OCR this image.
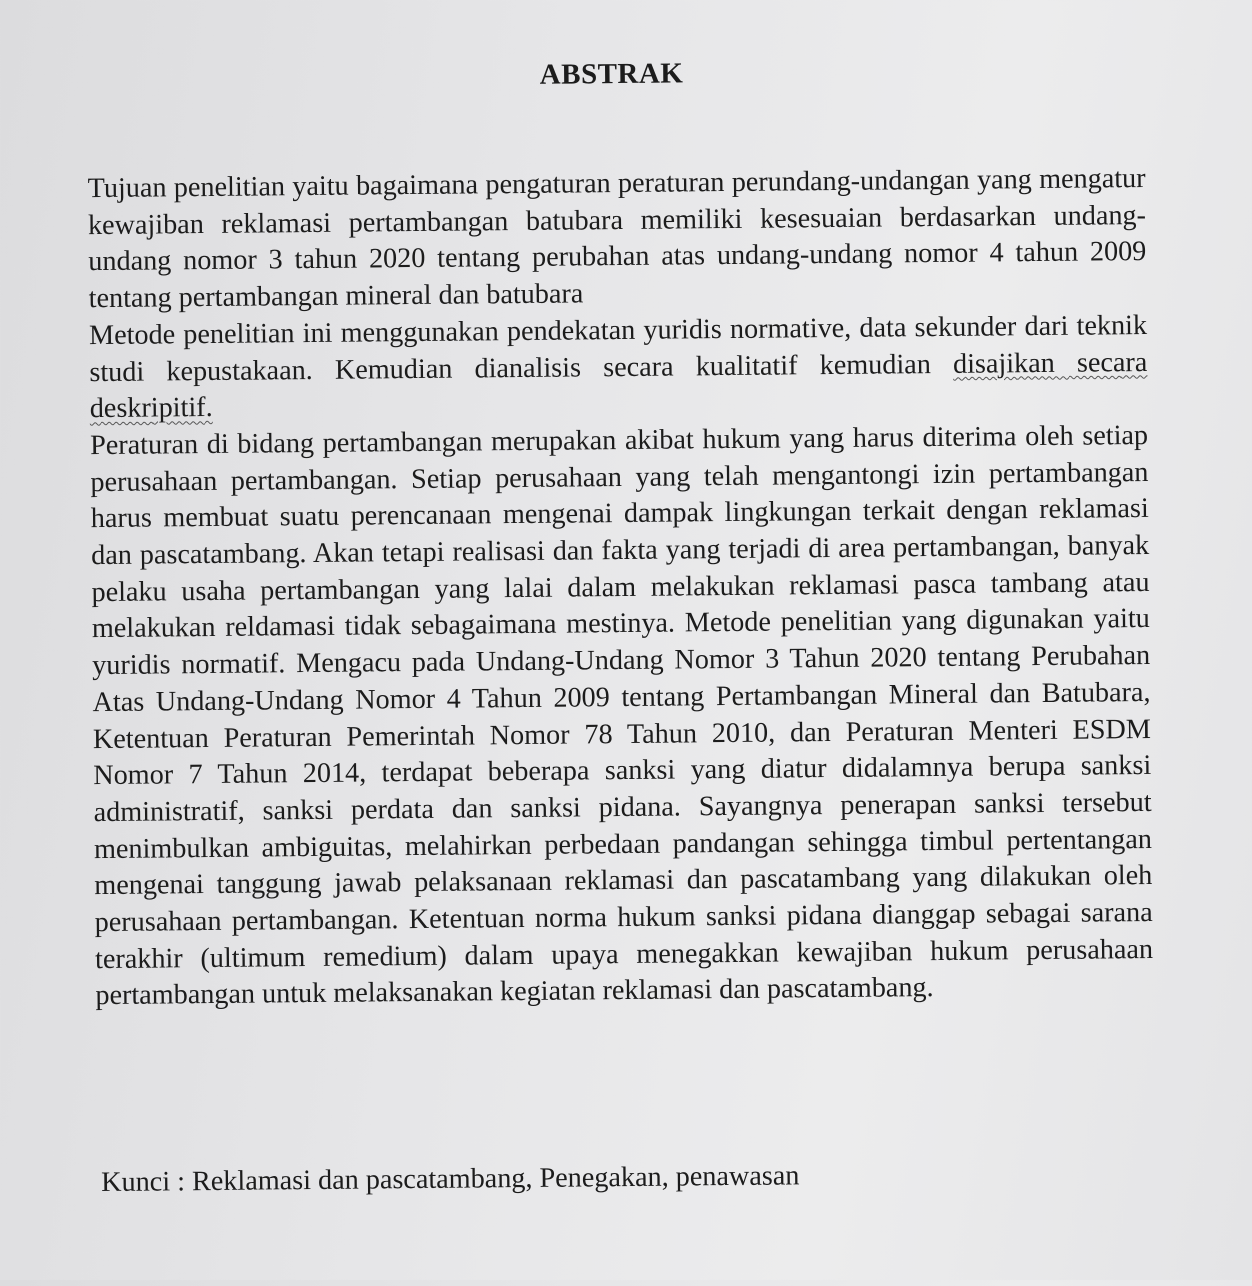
ABSTRAK

Tujuan penelitian yaitu bagaimana pengaturan peraturan perundang-undangan yang mengatur kewajiban reklamasi pertambangan batubara memiliki kesesuaian berdasarkan undang-undang nomor 3 tahun 2020 tentang perubahan atas undang-undang nomor 4 tahun 2009 tentang pertambangan mineral dan batubara

Metode penelitian ini menggunakan pendekatan yuridis normative, data sekunder dari teknik studi kepustakaan. Kemudian dianalisis secara kualitatif kemudian disajikan secara deskripitif.

Peraturan di bidang pertambangan merupakan akibat hukum yang harus diterima oleh setiap perusahaan pertambangan. Setiap perusahaan yang telah mengantongi izin pertambangan harus membuat suatu perencanaan mengenai dampak lingkungan terkait dengan reklamasi dan pascatambang. Akan tetapi realisasi dan fakta yang terjadi di area pertambangan, banyak pelaku usaha pertambangan yang lalai dalam melakukan reklamasi pasca tambang atau melakukan reldamasi tidak sebagaimana mestinya. Metode penelitian yang digunakan yaitu yuridis normatif. Mengacu pada Undang-Undang Nomor 3 Tahun 2020 tentang Perubahan Atas Undang-Undang Nomor 4 Tahun 2009 tentang Pertambangan Mineral dan Batubara, Ketentuan Peraturan Pemerintah Nomor 78 Tahun 2010, dan Peraturan Menteri ESDM Nomor 7 Tahun 2014, terdapat beberapa sanksi yang diatur didalamnya berupa sanksi administratif, sanksi perdata dan sanksi pidana. Sayangnya penerapan sanksi tersebut menimbulkan ambiguitas, melahirkan perbedaan pandangan sehingga timbul pertentangan mengenai tanggung jawab pelaksanaan reklamasi dan pascatambang yang dilakukan oleh perusahaan pertambangan. Ketentuan norma hukum sanksi pidana dianggap sebagai sarana terakhir (ultimum remedium) dalam upaya menegakkan kewajiban hukum perusahaan pertambangan untuk melaksanakan kegiatan reklamasi dan pascatambang.

Kunci : Reklamasi dan pascatambang, Penegakan, penawasan
